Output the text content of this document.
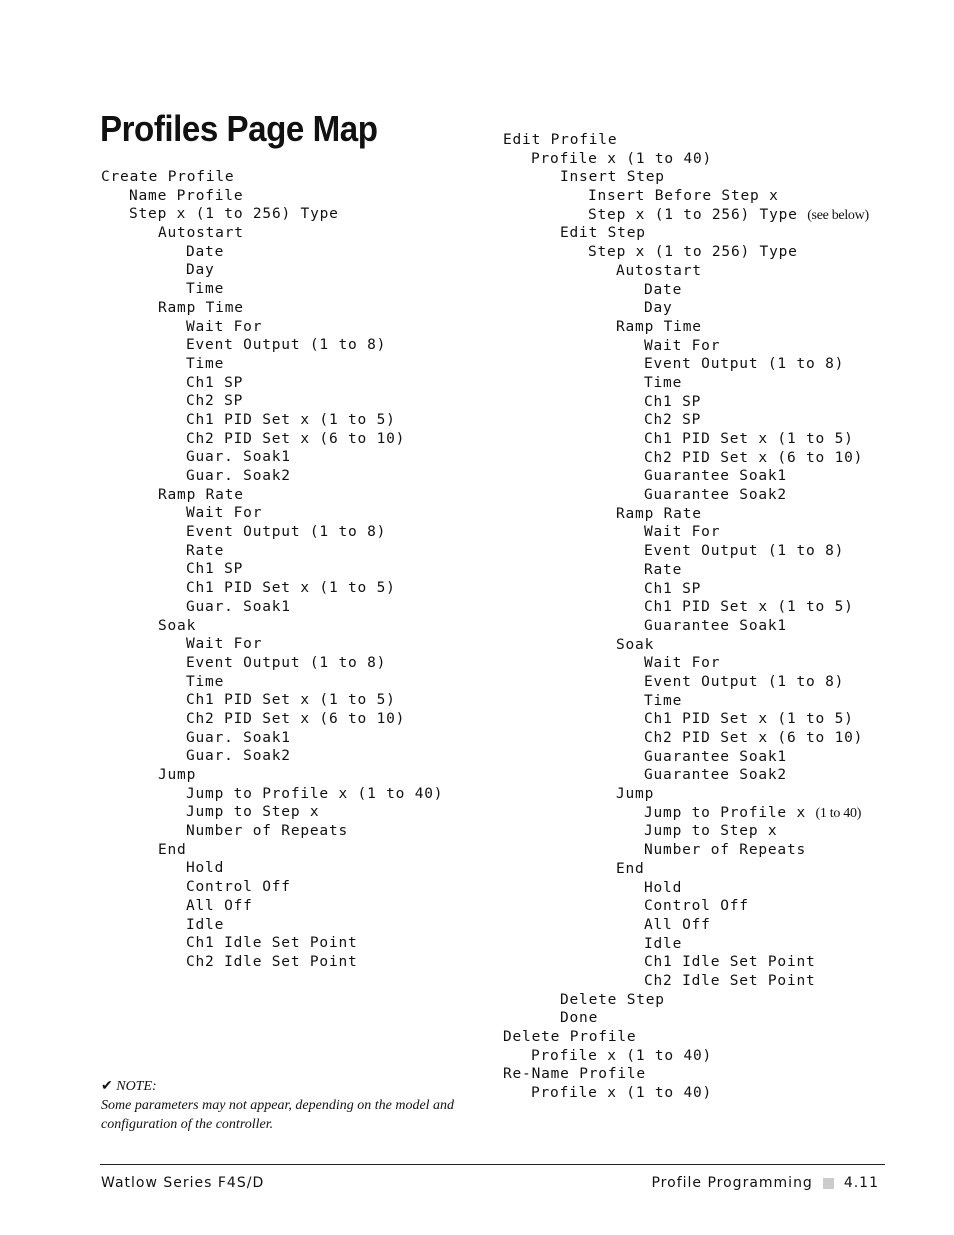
Profiles Page Map
Create Profile
Name Profile
Step x (1 to 256) Type
Autostart
Date
Day
Time
Ramp Time
Wait For
Event Output (1 to 8)
Time
Ch1 SP
Ch2 SP
Ch1 PID Set x (1 to 5)
Ch2 PID Set x (6 to 10)
Guar. Soak1
Guar. Soak2
Ramp Rate
Wait For
Event Output (1 to 8)
Rate
Ch1 SP
Ch1 PID Set x (1 to 5)
Guar. Soak1
Soak
Wait For
Event Output (1 to 8)
Time
Ch1 PID Set x (1 to 5)
Ch2 PID Set x (6 to 10)
Guar. Soak1
Guar. Soak2
Jump
Jump to Profile x (1 to 40)
Jump to Step x
Number of Repeats
End
Hold
Control Off
All Off
Idle
Ch1 Idle Set Point
Ch2 Idle Set Point
Edit Profile
Profile x (1 to 40)
Insert Step
Insert Before Step x
Step x (1 to 256) Type (see below)
Edit Step
Step x (1 to 256) Type
Autostart
Date
Day
Ramp Time
Wait For
Event Output (1 to 8)
Time
Ch1 SP
Ch2 SP
Ch1 PID Set x (1 to 5)
Ch2 PID Set x (6 to 10)
Guarantee Soak1
Guarantee Soak2
Ramp Rate
Wait For
Event Output (1 to 8)
Rate
Ch1 SP
Ch1 PID Set x (1 to 5)
Guarantee Soak1
Soak
Wait For
Event Output (1 to 8)
Time
Ch1 PID Set x (1 to 5)
Ch2 PID Set x (6 to 10)
Guarantee Soak1
Guarantee Soak2
Jump
Jump to Profile x (1 to 40)
Jump to Step x
Number of Repeats
End
Hold
Control Off
All Off
Idle
Ch1 Idle Set Point
Ch2 Idle Set Point
Delete Step
Done
Delete Profile
Profile x (1 to 40)
Re-Name Profile
Profile x (1 to 40)
✔ NOTE:
Some parameters may not appear, depending on the model and configuration of the controller.
Watlow Series F4S/D	Profile Programming 4.11
